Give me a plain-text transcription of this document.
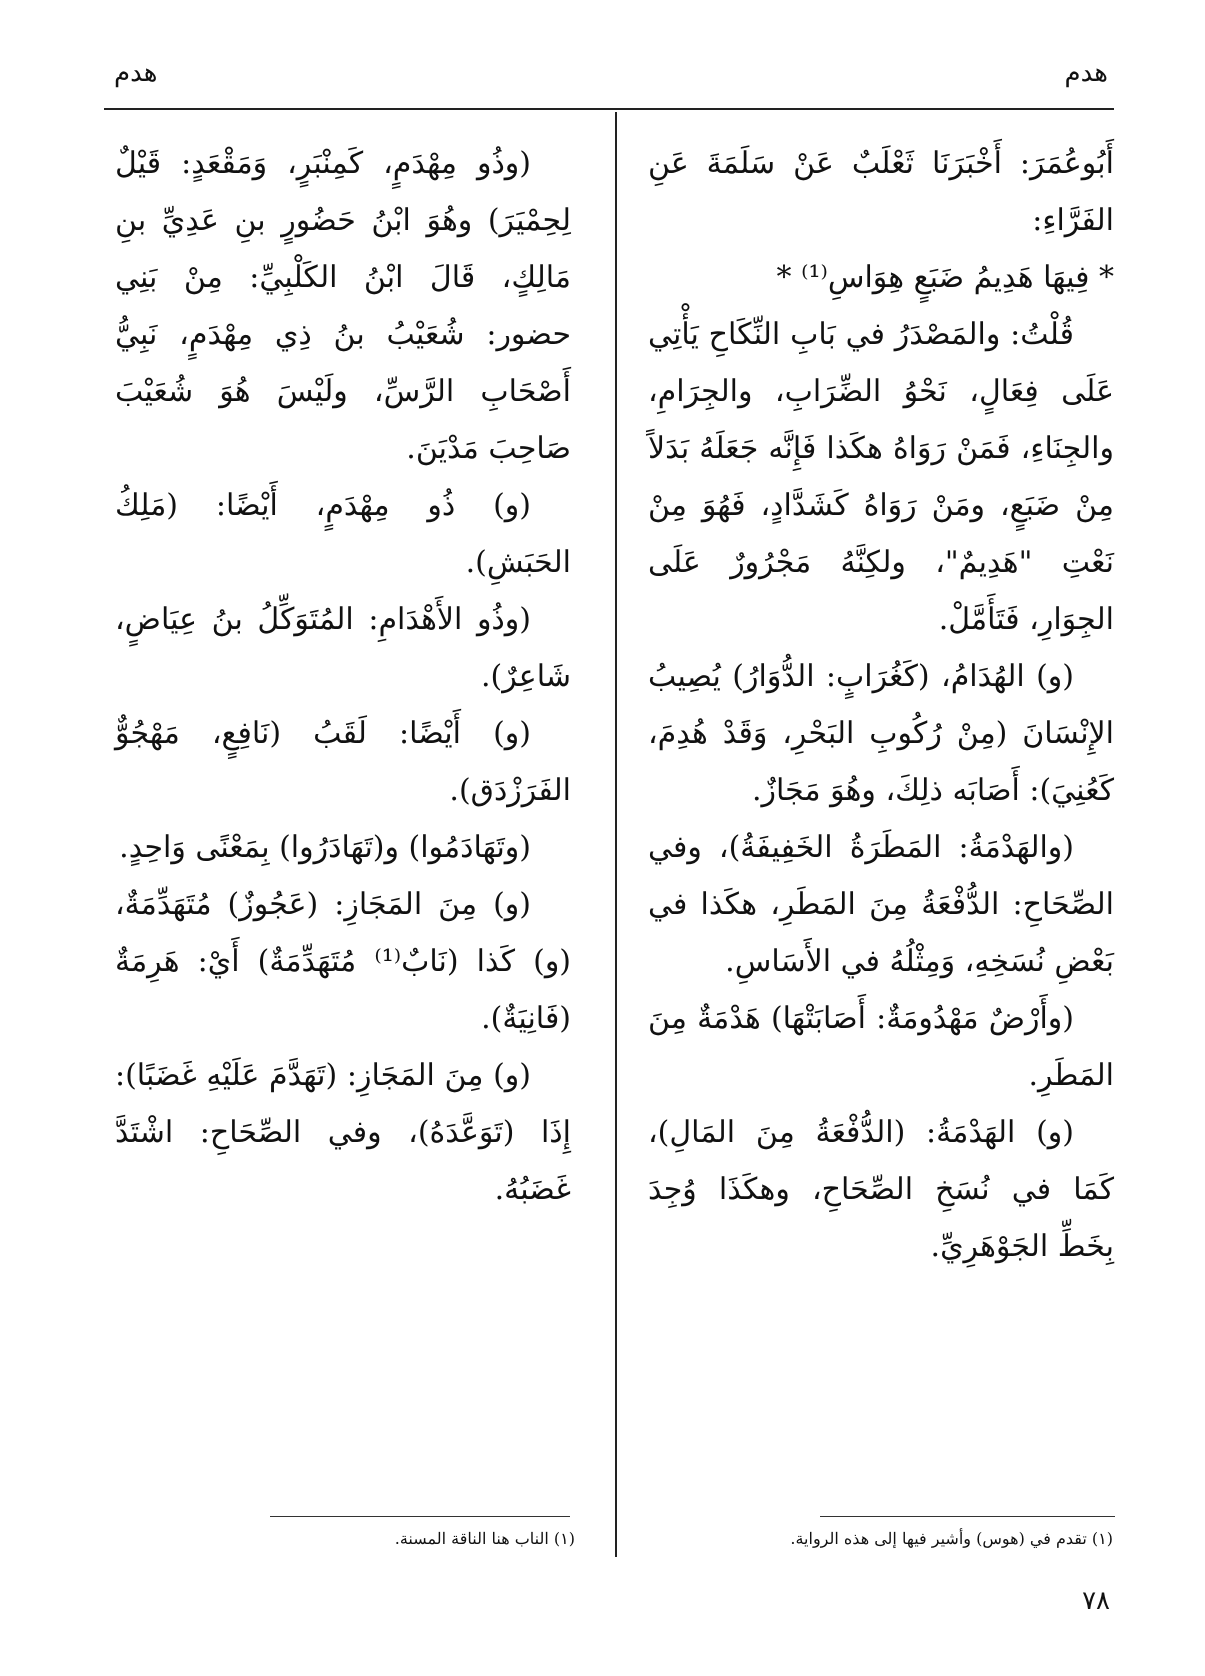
هدم
هدم

أَبُوعُمَرَ: أَخْبَرَنَا ثَعْلَبٌ عَنْ سَلَمَةَ عَنِ الفَرَّاءِ:

* فِيهَا هَدِيمُ ضَبَعٍ هِوَاسِ⁽¹⁾ *

قُلْتُ: والمَصْدَرُ في بَابِ النِّكَاحِ يَأْتِي عَلَى فِعَالٍ، نَحْوُ الضِّرَابِ، والجِرَامِ، والجِنَاءِ، فَمَنْ رَوَاهُ هكَذا فَإِنَّه جَعَلَهُ بَدَلاً مِنْ ضَبَعٍ، ومَنْ رَوَاهُ كَشَدَّادٍ، فَهُوَ مِنْ نَعْتِ "هَدِيمٌ"، ولكِنَّهُ مَجْرُورٌ عَلَى الجِوَارِ، فَتَأَمَّلْ.

(و) الهُدَامُ، (كَغُرَابٍ: الدُّوَارُ) يُصِيبُ الإِنْسَانَ (مِنْ رُكُوبِ البَحْرِ، وَقَدْ هُدِمَ، كَعُنِيَ): أَصَابَه ذلِكَ، وهُوَ مَجَازٌ.

(والهَدْمَةُ: المَطَرَةُ الخَفِيفَةُ)، وفي الصِّحَاحِ: الدُّفْعَةُ مِنَ المَطَرِ، هكَذا في بَعْضِ نُسَخِهِ، وَمِثْلُهُ في الأَسَاسِ.

(وأَرْضٌ مَهْدُومَةٌ: أَصَابَتْهَا) هَدْمَةٌ مِنَ المَطَرِ.

(و) الهَدْمَةُ: (الدُّفْعَةُ مِنَ المَالِ)، كَمَا في نُسَخِ الصِّحَاحِ، وهكَذَا وُجِدَ بِخَطِّ الجَوْهَرِيِّ.

(وذُو مِهْدَمٍ، كَمِنْبَرٍ، وَمَقْعَدٍ: قَيْلٌ لِحِمْيَرَ) وهُوَ ابْنُ حَضُورٍ بنِ عَدِيِّ بنِ مَالِكٍ، قَالَ ابْنُ الكَلْبِيِّ: مِنْ بَنِي حضور: شُعَيْبُ بنُ ذِي مِهْدَمٍ، نَبِيُّ أَصْحَابِ الرَّسِّ، ولَيْسَ هُوَ شُعَيْبَ صَاحِبَ مَدْيَنَ.

(و) ذُو مِهْدَمٍ، أَيْضًا: (مَلِكُ الحَبَشِ).

(وذُو الأَهْدَامِ: المُتَوَكِّلُ بنُ عِيَاضٍ، شَاعِرٌ).

(و) أَيْضًا: لَقَبُ (نَافِعٍ، مَهْجُوٌّ الفَرَزْدَق).

(وتَهَادَمُوا) و(تَهَادَرُوا) بِمَعْنًى وَاحِدٍ.

(و) مِنَ المَجَازِ: (عَجُوزٌ) مُتَهَدِّمَةٌ، (و) كَذا (نَابٌ⁽¹⁾ مُتَهَدِّمَةٌ) أَيْ: هَرِمَةٌ (فَانِيَةٌ).

(و) مِنَ المَجَازِ: (تَهَدَّمَ عَلَيْهِ غَضَبًا): إِذَا (تَوَعَّدَهُ)، وفي الصِّحَاحِ: اشْتَدَّ غَضَبُهُ.

(١) تقدم في (هوس) وأشير فيها إلى هذه الرواية.
(١) الناب هنا الناقة المسنة.
٧٨
